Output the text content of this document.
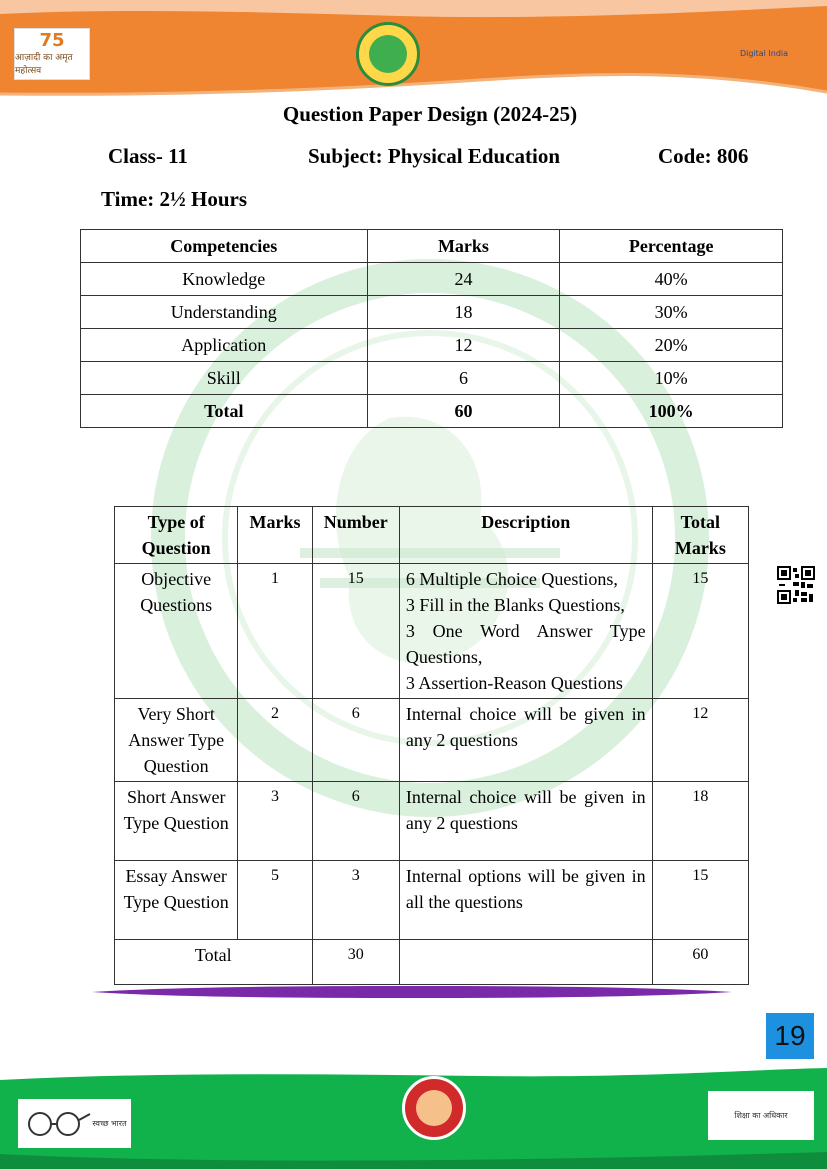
75
आज़ादी का अमृत महोत्सव
Digital India
Question Paper Design (2024-25)
Class- 11	Subject: Physical Education	Code: 806
Time: 2½ Hours
Competencies	Marks	Percentage
Knowledge	24	40%
Understanding	18	30%
Application	12	20%
Skill	6	10%
Total	60	100%
Type of Question	Marks	Number	Description	Total Marks
Objective Questions	1	15	6 Multiple Choice Questions,
3 Fill in the Blanks Questions,
3 One Word Answer Type Questions,
3 Assertion-Reason Questions	15
Very Short Answer Type Question	2	6	Internal choice will be given in any 2 questions	12
Short Answer Type Question	3	6	Internal choice will be given in any 2 questions	18
Essay Answer Type Question	5	3	Internal options will be given in all the questions	15
Total		30		60
19
स्वच्छ भारत
शिक्षा का अधिकार
